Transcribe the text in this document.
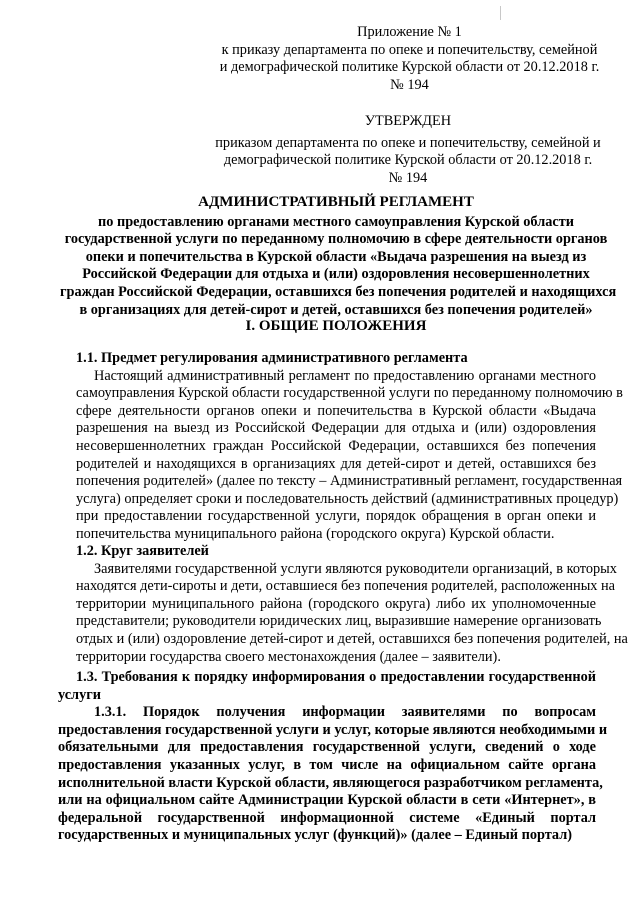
Приложение № 1
к приказу департамента по опеке и попечительству, семейной
и демографической политике Курской области от 20.12.2018 г.
№ 194
УТВЕРЖДЕН
приказом департамента по опеке и попечительству, семейной и
демографической политике Курской области от 20.12.2018 г.
№ 194
АДМИНИСТРАТИВНЫЙ РЕГЛАМЕНТ
по предоставлению органами местного самоуправления Курской области
государственной услуги по переданному полномочию в сфере деятельности органов
опеки и попечительства в Курской области «Выдача разрешения на выезд из
Российской Федерации для отдыха и (или) оздоровления несовершеннолетних
граждан Российской Федерации, оставшихся без попечения родителей и находящихся
в организациях для детей-сирот и детей, оставшихся без попечения родителей»
I. ОБЩИЕ ПОЛОЖЕНИЯ
1.1. Предмет регулирования административного регламента
Настоящий административный регламент по предоставлению органами местного
самоуправления Курской области государственной услуги по переданному полномочию в
сфере деятельности органов опеки и попечительства в Курской области «Выдача
разрешения на выезд из Российской Федерации для отдыха и (или) оздоровления
несовершеннолетних граждан Российской Федерации, оставшихся без попечения
родителей и находящихся в организациях для детей-сирот и детей, оставшихся без
попечения родителей» (далее по тексту – Административный регламент, государственная
услуга) определяет сроки и последовательность действий (административных процедур)
при предоставлении государственной услуги, порядок обращения в орган опеки и
попечительства муниципального района (городского округа) Курской области.
1.2. Круг заявителей
Заявителями государственной услуги являются руководители организаций, в которых
находятся дети-сироты и дети, оставшиеся без попечения родителей, расположенных на
территории муниципального района (городского округа) либо их уполномоченные
представители; руководители юридических лиц, выразившие намерение организовать
отдых и (или) оздоровление детей-сирот и детей, оставшихся без попечения родителей, на
территории государства своего местонахождения (далее – заявители).
1.3. Требования к порядку информирования о предоставлении государственной
услуги
1.3.1. Порядок получения информации заявителями по вопросам
предоставления государственной услуги и услуг, которые являются необходимыми и
обязательными для предоставления государственной услуги, сведений о ходе
предоставления указанных услуг, в том числе на официальном сайте органа
исполнительной власти Курской области, являющегося разработчиком регламента,
или на официальном сайте Администрации Курской области в сети «Интернет», в
федеральной государственной информационной системе «Единый портал
государственных и муниципальных услуг (функций)» (далее – Единый портал)
